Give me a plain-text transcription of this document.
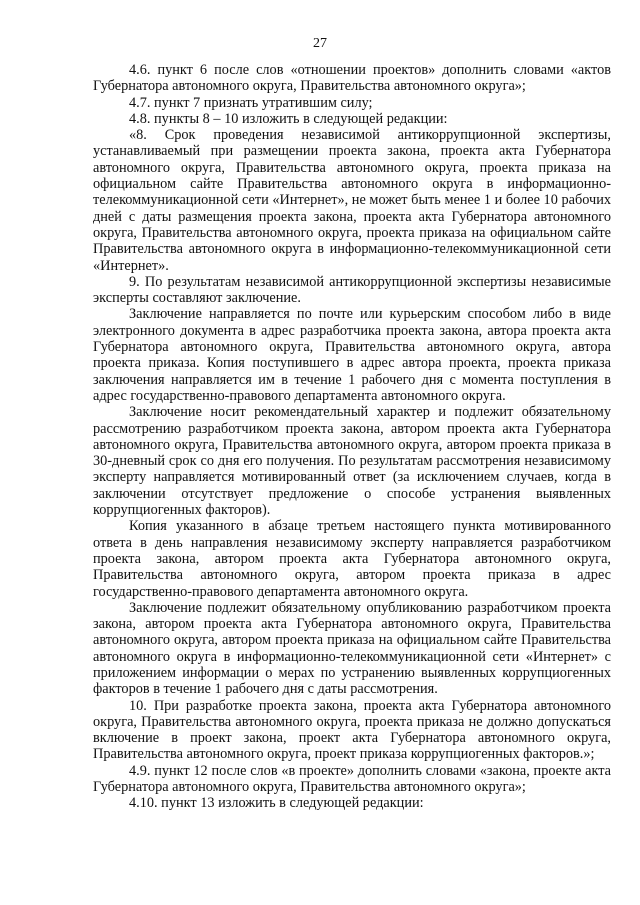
27

4.6. пункт 6 после слов «отношении проектов» дополнить словами «актов Губернатора автономного округа, Правительства автономного округа»;

4.7. пункт 7 признать утратившим силу;

4.8. пункты 8 – 10 изложить в следующей редакции:

«8. Срок проведения независимой антикоррупционной экспертизы, устанавливаемый при размещении проекта закона, проекта акта Губернатора автономного округа, Правительства автономного округа, проекта приказа на официальном сайте Правительства автономного округа в информационно-телекоммуникационной сети «Интернет», не может быть менее 1 и более 10 рабочих дней с даты размещения проекта закона, проекта акта Губернатора автономного округа, Правительства автономного округа, проекта приказа на официальном сайте Правительства автономного округа в информационно-телекоммуникационной сети «Интернет».

9. По результатам независимой антикоррупционной экспертизы независимые эксперты составляют заключение.

Заключение направляется по почте или курьерским способом либо в виде электронного документа в адрес разработчика проекта закона, автора проекта акта Губернатора автономного округа, Правительства автономного округа, автора проекта приказа. Копия поступившего в адрес автора проекта, проекта приказа заключения направляется им в течение 1 рабочего дня с момента поступления в адрес государственно-правового департамента автономного округа.

Заключение носит рекомендательный характер и подлежит обязательному рассмотрению разработчиком проекта закона, автором проекта акта Губернатора автономного округа, Правительства автономного округа, автором проекта приказа в 30-дневный срок со дня его получения. По результатам рассмотрения независимому эксперту направляется мотивированный ответ (за исключением случаев, когда в заключении отсутствует предложение о способе устранения выявленных коррупциогенных факторов).

Копия указанного в абзаце третьем настоящего пункта мотивированного ответа в день направления независимому эксперту направляется разработчиком проекта закона, автором проекта акта Губернатора автономного округа, Правительства автономного округа, автором проекта приказа в адрес государственно-правового департамента автономного округа.

Заключение подлежит обязательному опубликованию разработчиком проекта закона, автором проекта акта Губернатора автономного округа, Правительства автономного округа, автором проекта приказа на официальном сайте Правительства автономного округа в информационно-телекоммуникационной сети «Интернет» с приложением информации о мерах по устранению выявленных коррупциогенных факторов в течение 1 рабочего дня с даты рассмотрения.

10. При разработке проекта закона, проекта акта Губернатора автономного округа, Правительства автономного округа, проекта приказа не должно допускаться включение в проект закона, проект акта Губернатора автономного округа, Правительства автономного округа, проект приказа коррупциогенных факторов.»;

4.9. пункт 12 после слов «в проекте» дополнить словами «закона, проекте акта Губернатора автономного округа, Правительства автономного округа»;

4.10. пункт 13 изложить в следующей редакции:
